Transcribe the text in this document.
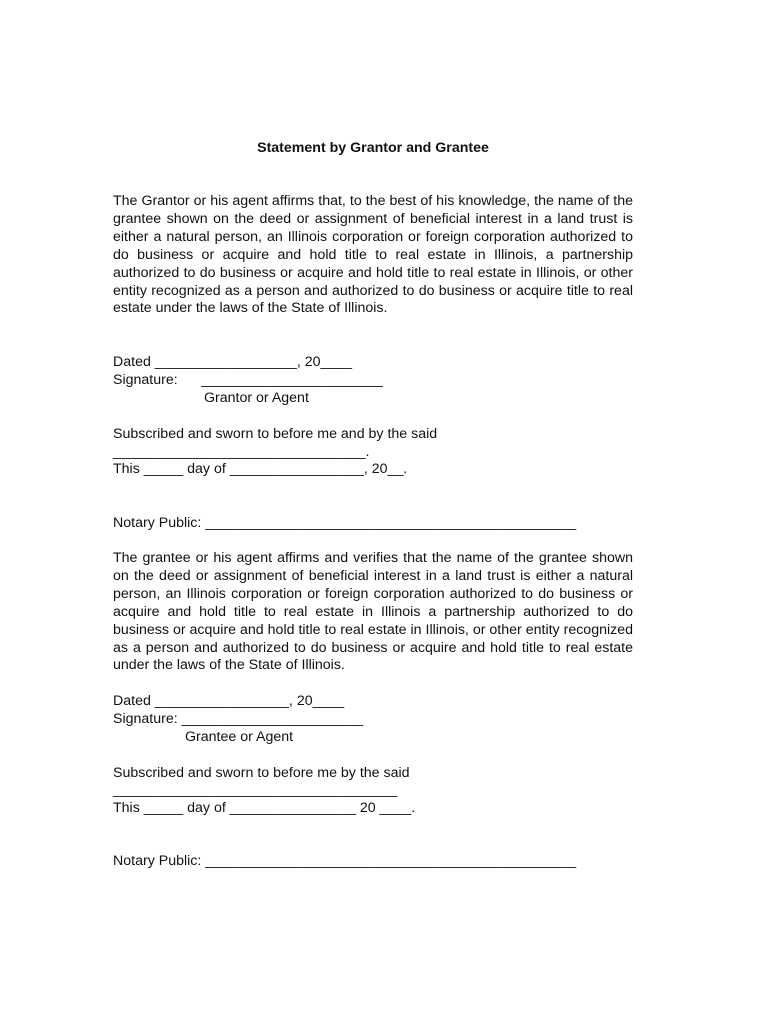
Statement by Grantor and Grantee

The Grantor or his agent affirms that, to the best of his knowledge, the name of the grantee shown on the deed or assignment of beneficial interest in a land trust is either a natural person, an Illinois corporation or foreign corporation authorized to do business or acquire and hold title to real estate in Illinois, a partnership authorized to do business or acquire and hold title to real estate in Illinois, or other entity recognized as a person and authorized to do business or acquire title to real estate under the laws of the State of Illinois.

Dated __________________, 20____
Signature:      _______________________
Grantor or Agent
Subscribed and sworn to before me and by the said
________________________________.
This _____ day of _________________, 20__.
Notary Public: _______________________________________________

The grantee or his agent affirms and verifies that the name of the grantee shown on the deed or assignment of beneficial interest in a land trust is either a natural person, an Illinois corporation or foreign corporation authorized to do business or acquire and hold title to real estate in Illinois a partnership authorized to do business or acquire and hold title to real estate in Illinois, or other entity recognized as a person and authorized to do business or acquire and hold title to real estate under the laws of the State of Illinois.

Dated _________________, 20____
Signature: _______________________
Grantee or Agent
Subscribed and sworn to before me by the said
____________________________________
This _____ day of ________________ 20 ____.
Notary Public: _______________________________________________
